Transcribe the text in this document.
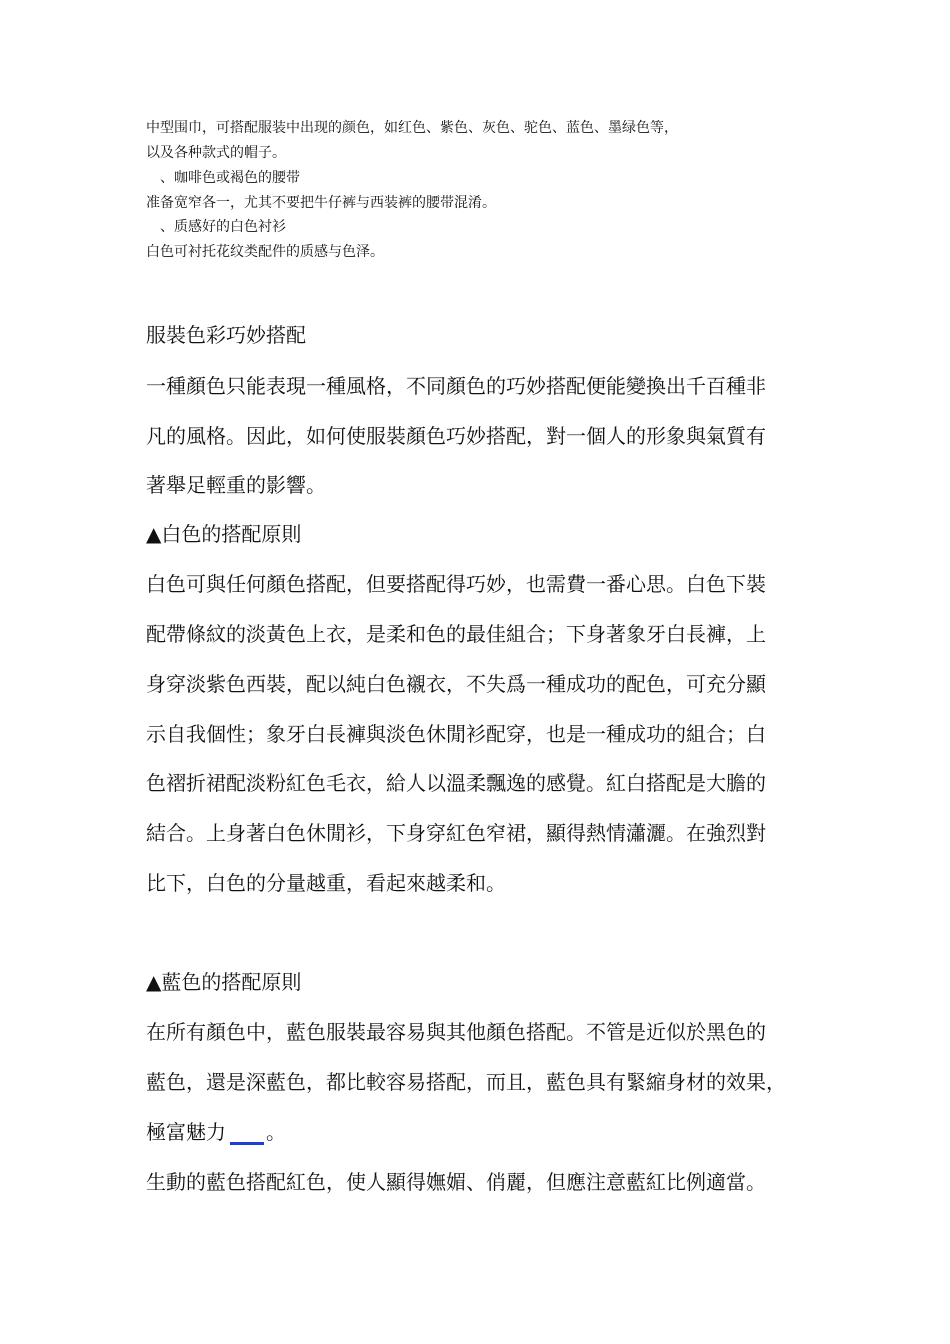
中型围巾，可搭配服装中出现的颜色，如红色、紫色、灰色、驼色、蓝色、墨绿色等，
以及各种款式的帽子。
　、咖啡色或褐色的腰带
准备宽窄各一，尤其不要把牛仔裤与西装裤的腰带混淆。
　、质感好的白色衬衫
白色可衬托花纹类配件的质感与色泽。
服裝色彩巧妙搭配
一種顏色只能表現一種風格，不同顏色的巧妙搭配便能變換出千百種非
凡的風格。因此，如何使服裝顏色巧妙搭配，對一個人的形象與氣質有
著舉足輕重的影響。
▲白色的搭配原則
白色可與任何顏色搭配，但要搭配得巧妙，也需費一番心思。白色下裝
配帶條紋的淡黃色上衣，是柔和色的最佳組合；下身著象牙白長褲，上
身穿淡紫色西裝，配以純白色襯衣，不失爲一種成功的配色，可充分顯
示自我個性；象牙白長褲與淡色休閒衫配穿，也是一種成功的組合；白
色褶折裙配淡粉紅色毛衣，給人以溫柔飄逸的感覺。紅白搭配是大膽的
結合。上身著白色休閒衫，下身穿紅色窄裙，顯得熱情瀟灑。在強烈對
比下，白色的分量越重，看起來越柔和。
▲藍色的搭配原則
在所有顏色中，藍色服裝最容易與其他顏色搭配。不管是近似於黑色的
藍色，還是深藍色，都比較容易搭配，而且，藍色具有緊縮身材的效果，
極富魅力 。
生動的藍色搭配紅色，使人顯得嫵媚、俏麗，但應注意藍紅比例適當。
